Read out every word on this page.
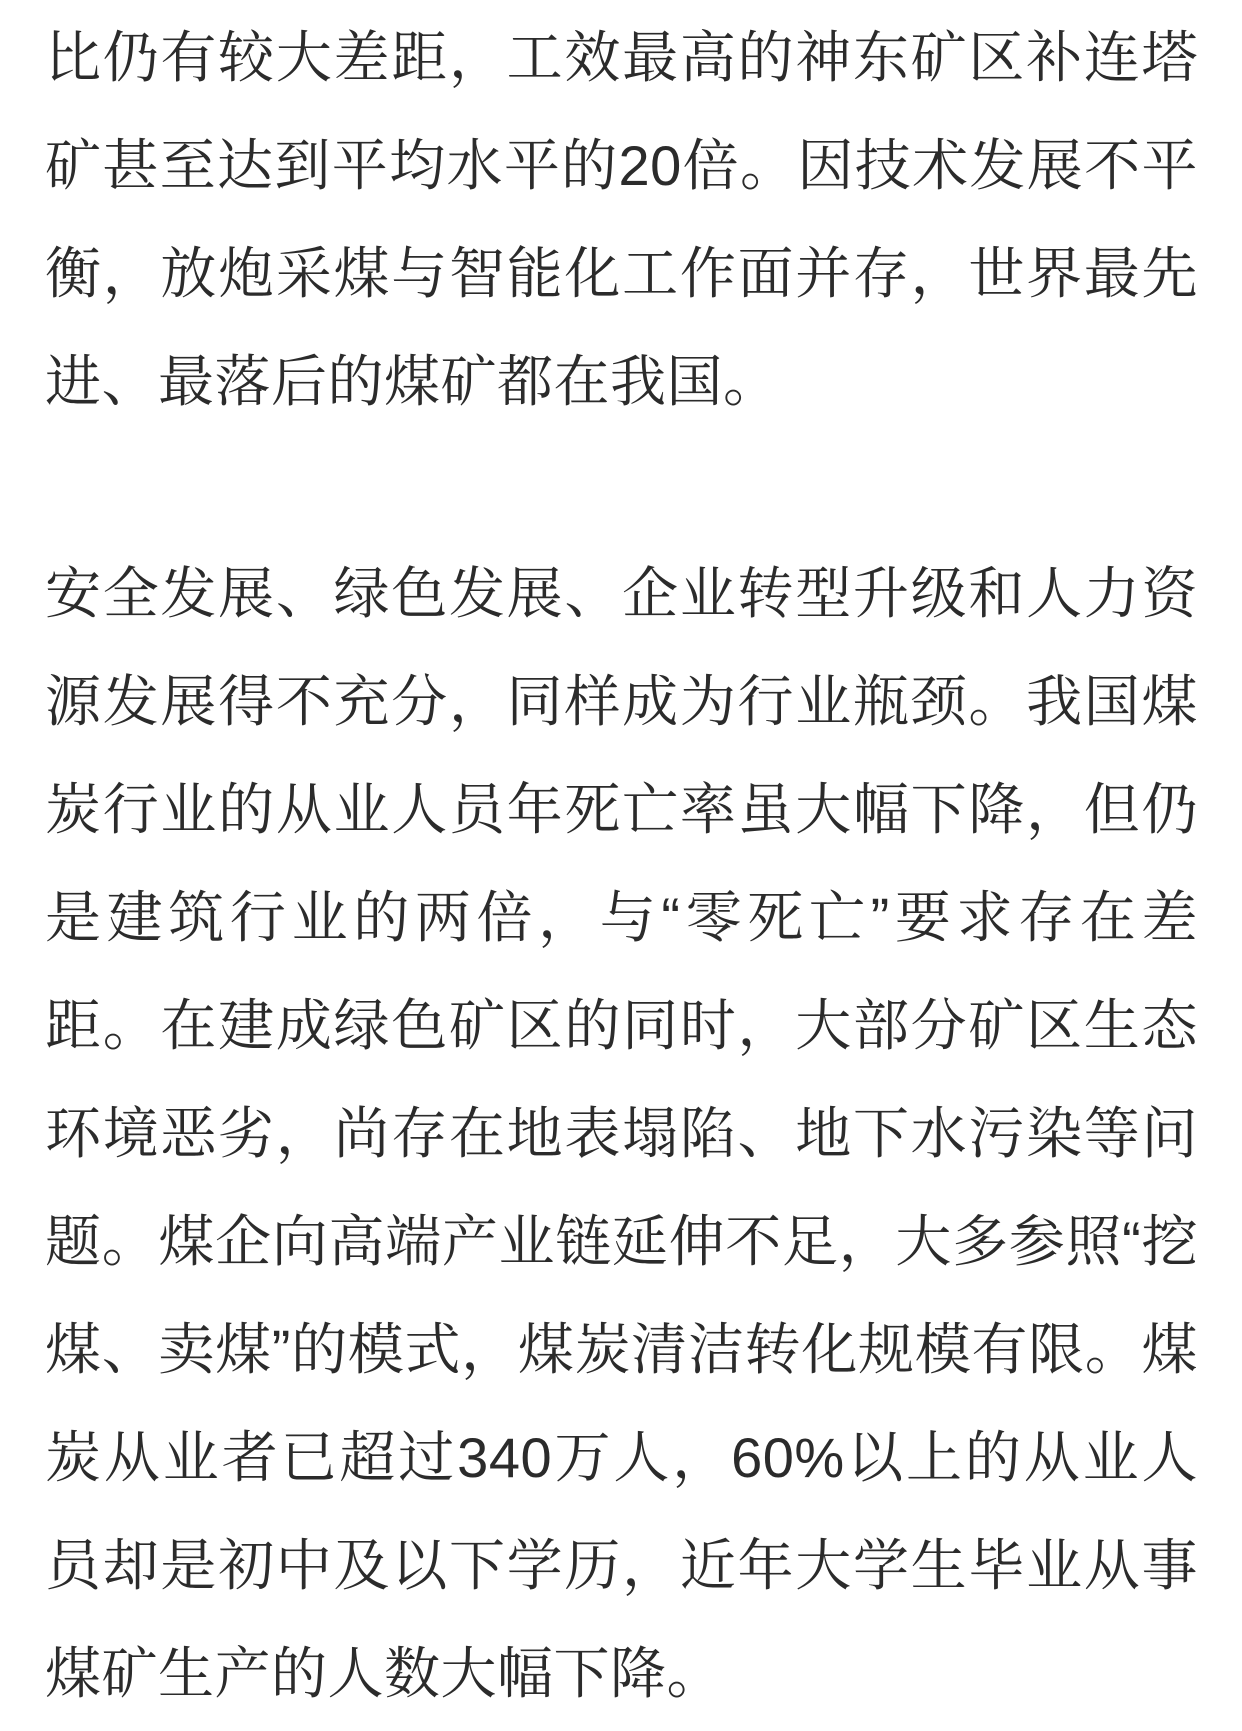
比仍有较大差距，工效最高的神东矿区补连塔矿甚至达到平均水平的20倍。因技术发展不平衡，放炮采煤与智能化工作面并存，世界最先进、最落后的煤矿都在我国。

安全发展、绿色发展、企业转型升级和人力资源发展得不充分，同样成为行业瓶颈。我国煤炭行业的从业人员年死亡率虽大幅下降，但仍是建筑行业的两倍，与“零死亡”要求存在差距。在建成绿色矿区的同时，大部分矿区生态环境恶劣，尚存在地表塌陷、地下水污染等问题。煤企向高端产业链延伸不足，大多参照“挖煤、卖煤”的模式，煤炭清洁转化规模有限。煤炭从业者已超过340万人，60%以上的从业人员却是初中及以下学历，近年大学生毕业从事煤矿生产的人数大幅下降。
